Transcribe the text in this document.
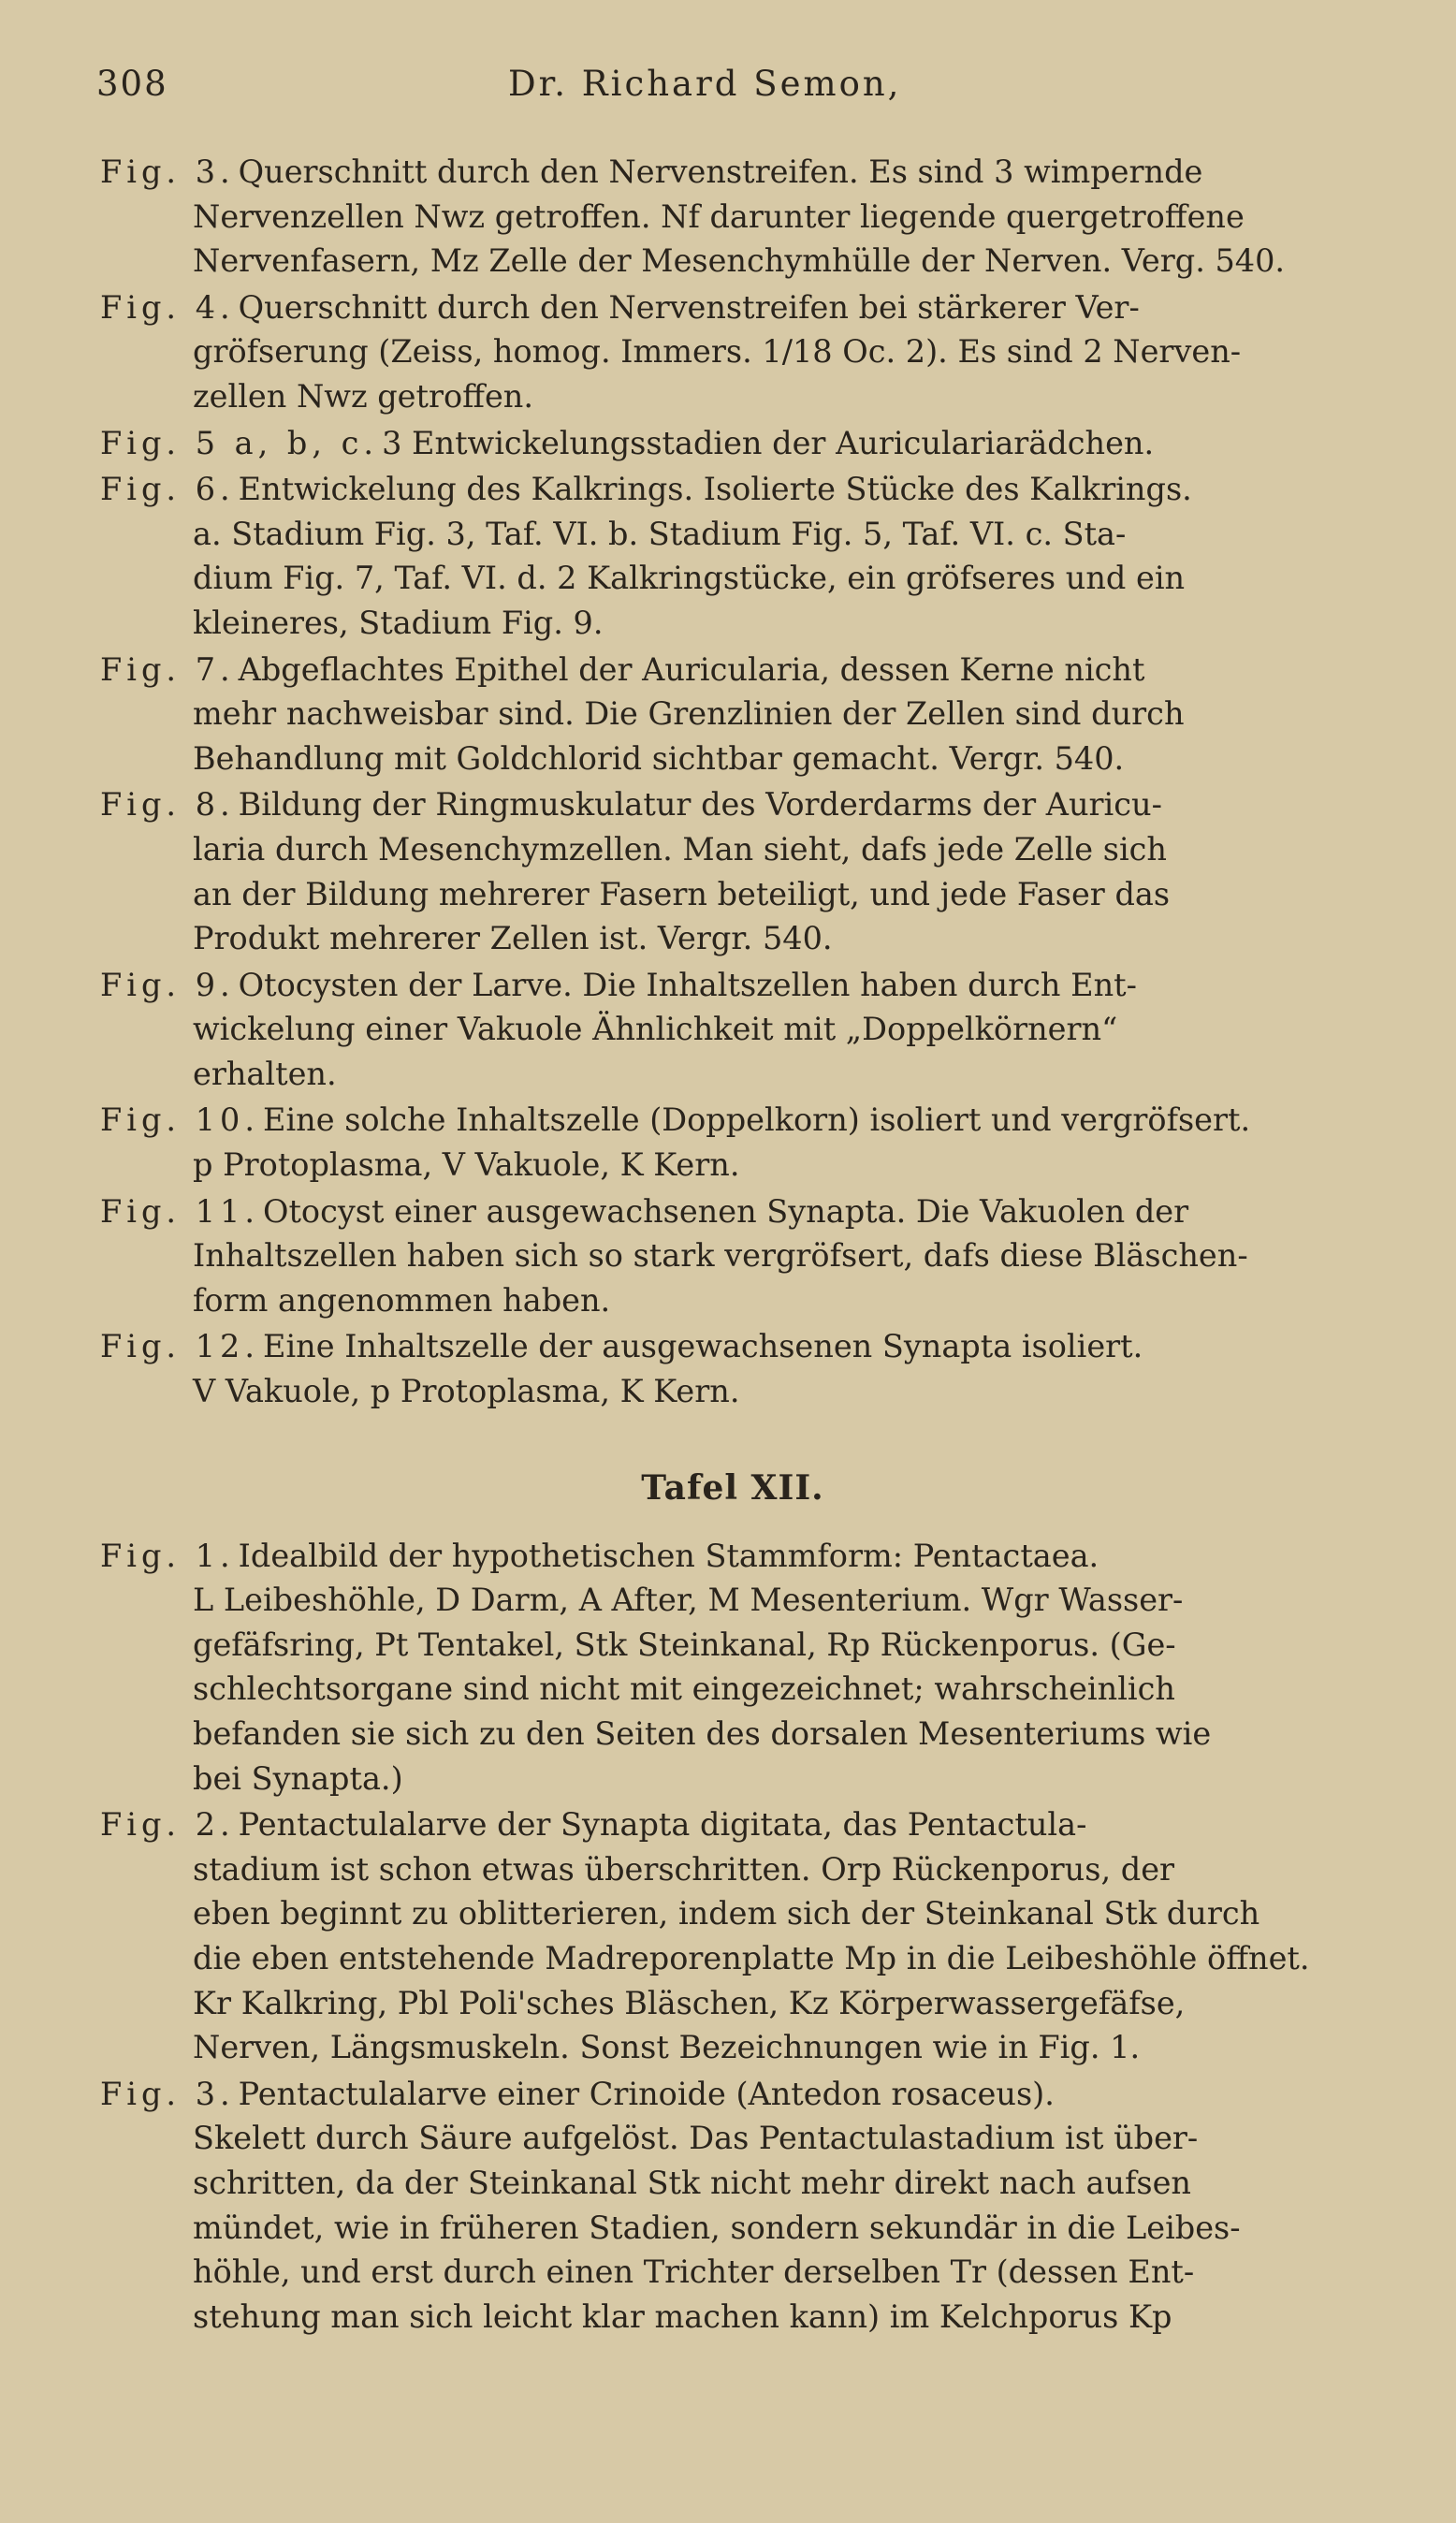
308	Dr. Richard Semon,
Fig. 3. Querschnitt durch den Nervenstreifen. Es sind 3 wimpernde
Nervenzellen Nwz getroffen. Nf darunter liegende quergetroffene
Nervenfasern, Mz Zelle der Mesenchymhülle der Nerven. Verg. 540.
Fig. 4. Querschnitt durch den Nervenstreifen bei stärkerer Ver-
gröfserung (Zeiss, homog. Immers. 1/18 Oc. 2). Es sind 2 Nerven-
zellen Nwz getroffen.
Fig. 5 a, b, c. 3 Entwickelungsstadien der Auriculariarädchen.
Fig. 6. Entwickelung des Kalkrings. Isolierte Stücke des Kalkrings.
a. Stadium Fig. 3, Taf. VI. b. Stadium Fig. 5, Taf. VI. c. Sta-
dium Fig. 7, Taf. VI. d. 2 Kalkringstücke, ein gröfseres und ein
kleineres, Stadium Fig. 9.
Fig. 7. Abgeflachtes Epithel der Auricularia, dessen Kerne nicht
mehr nachweisbar sind. Die Grenzlinien der Zellen sind durch
Behandlung mit Goldchlorid sichtbar gemacht. Vergr. 540.
Fig. 8. Bildung der Ringmuskulatur des Vorderdarms der Auricu-
laria durch Mesenchymzellen. Man sieht, dafs jede Zelle sich
an der Bildung mehrerer Fasern beteiligt, und jede Faser das
Produkt mehrerer Zellen ist. Vergr. 540.
Fig. 9. Otocysten der Larve. Die Inhaltszellen haben durch Ent-
wickelung einer Vakuole Ähnlichkeit mit „Doppelkörnern“
erhalten.
Fig. 10. Eine solche Inhaltszelle (Doppelkorn) isoliert und vergröfsert.
p Protoplasma, V Vakuole, K Kern.
Fig. 11. Otocyst einer ausgewachsenen Synapta. Die Vakuolen der
Inhaltszellen haben sich so stark vergröfsert, dafs diese Bläschen-
form angenommen haben.
Fig. 12. Eine Inhaltszelle der ausgewachsenen Synapta isoliert.
V Vakuole, p Protoplasma, K Kern.
Tafel XII.
Fig. 1. Idealbild der hypothetischen Stammform: Pentactaea.
L Leibeshöhle, D Darm, A After, M Mesenterium. Wgr Wasser-
gefäfsring, Pt Tentakel, Stk Steinkanal, Rp Rückenporus. (Ge-
schlechtsorgane sind nicht mit eingezeichnet; wahrscheinlich
befanden sie sich zu den Seiten des dorsalen Mesenteriums wie
bei Synapta.)
Fig. 2. Pentactulalarve der Synapta digitata, das Pentactula-
stadium ist schon etwas überschritten. Orp Rückenporus, der
eben beginnt zu oblitterieren, indem sich der Steinkanal Stk durch
die eben entstehende Madreporenplatte Mp in die Leibeshöhle öffnet.
Kr Kalkring, Pbl Poli'sches Bläschen, Kz Körperwassergefäfse,
Nerven, Längsmuskeln. Sonst Bezeichnungen wie in Fig. 1.
Fig. 3. Pentactulalarve einer Crinoide (Antedon rosaceus).
Skelett durch Säure aufgelöst. Das Pentactulastadium ist über-
schritten, da der Steinkanal Stk nicht mehr direkt nach aufsen
mündet, wie in früheren Stadien, sondern sekundär in die Leibes-
höhle, und erst durch einen Trichter derselben Tr (dessen Ent-
stehung man sich leicht klar machen kann) im Kelchporus Kp
